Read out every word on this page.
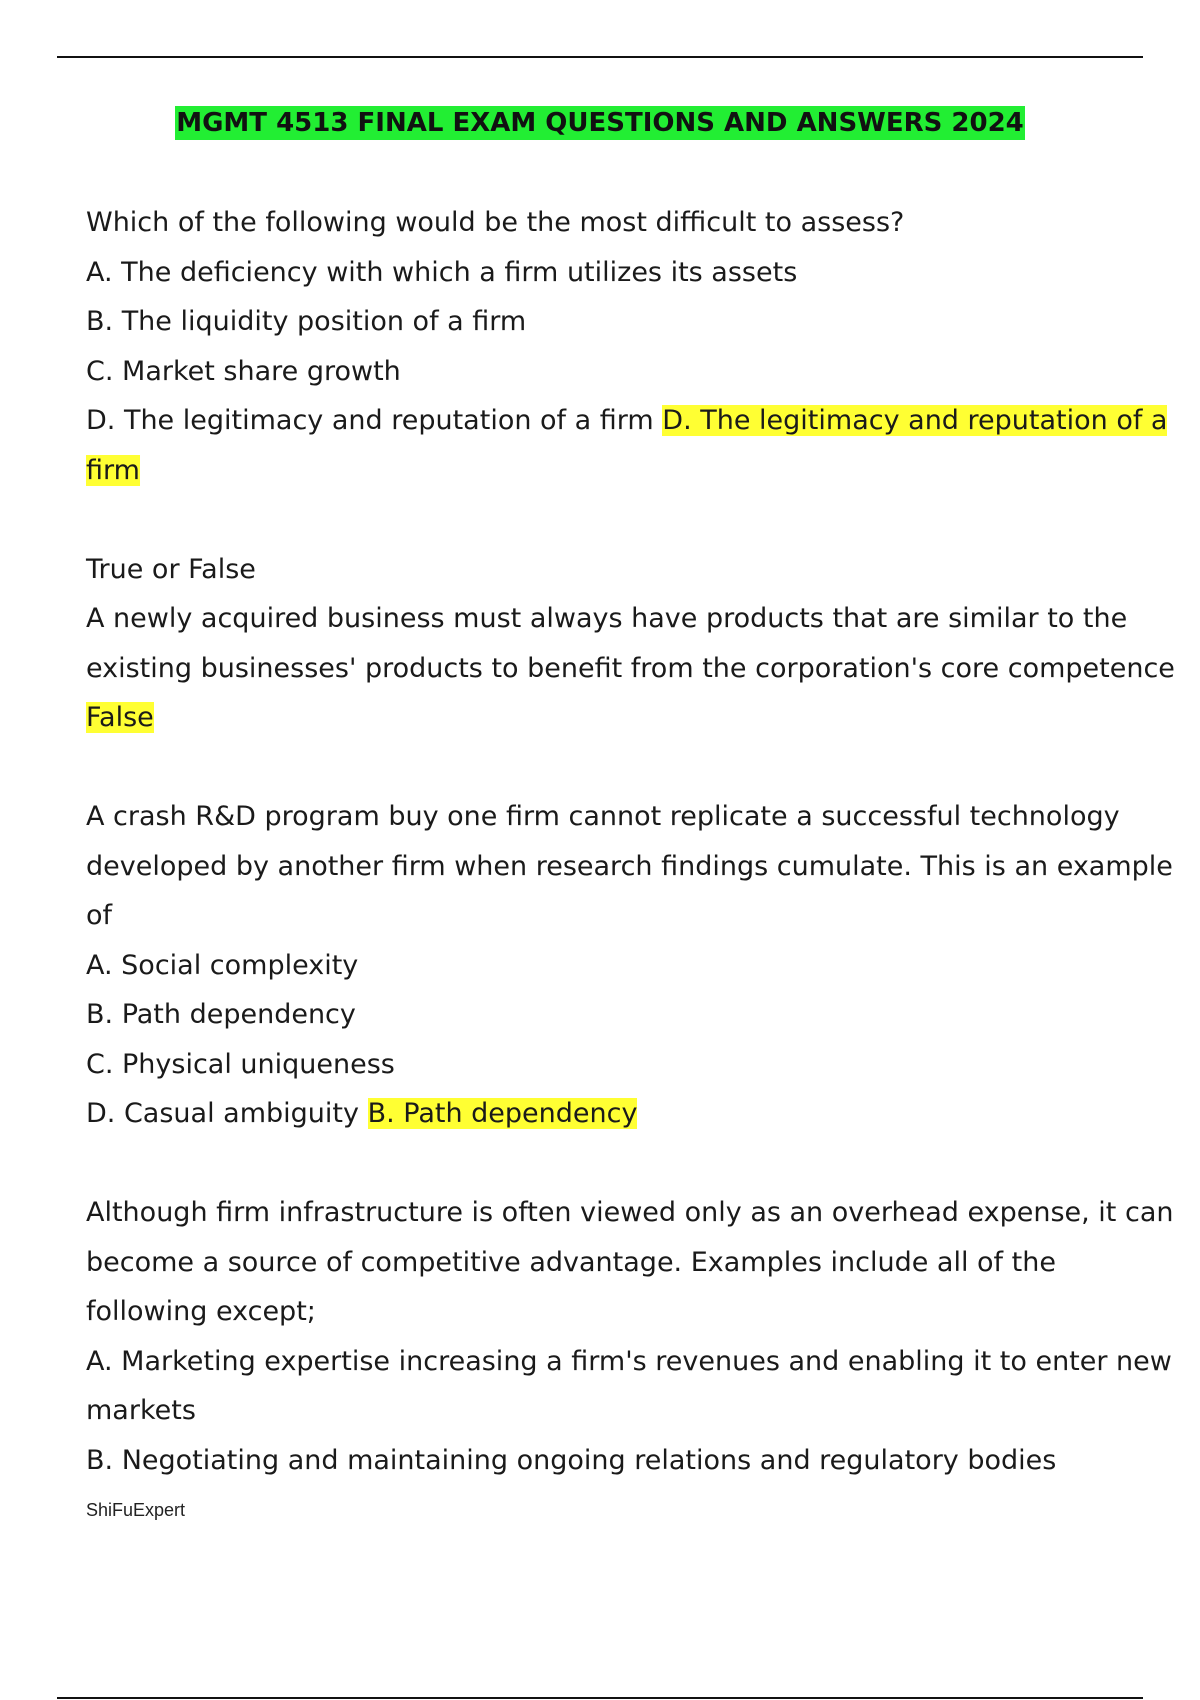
MGMT 4513 FINAL EXAM QUESTIONS AND ANSWERS 2024

Which of the following would be the most difficult to assess?

A. The deficiency with which a firm utilizes its assets

B. The liquidity position of a firm

C. Market share growth

D. The legitimacy and reputation of a firm D. The legitimacy and reputation of a firm

True or False

A newly acquired business must always have products that are similar to the existing businesses' products to benefit from the corporation's core competence False

A crash R&D program buy one firm cannot replicate a successful technology developed by another firm when research findings cumulate. This is an example of

A. Social complexity

B. Path dependency

C. Physical uniqueness

D. Casual ambiguity B. Path dependency

Although firm infrastructure is often viewed only as an overhead expense, it can become a source of competitive advantage. Examples include all of the following except;

A. Marketing expertise increasing a firm's revenues and enabling it to enter new markets

B. Negotiating and maintaining ongoing relations and regulatory bodies

ShiFuExpert
